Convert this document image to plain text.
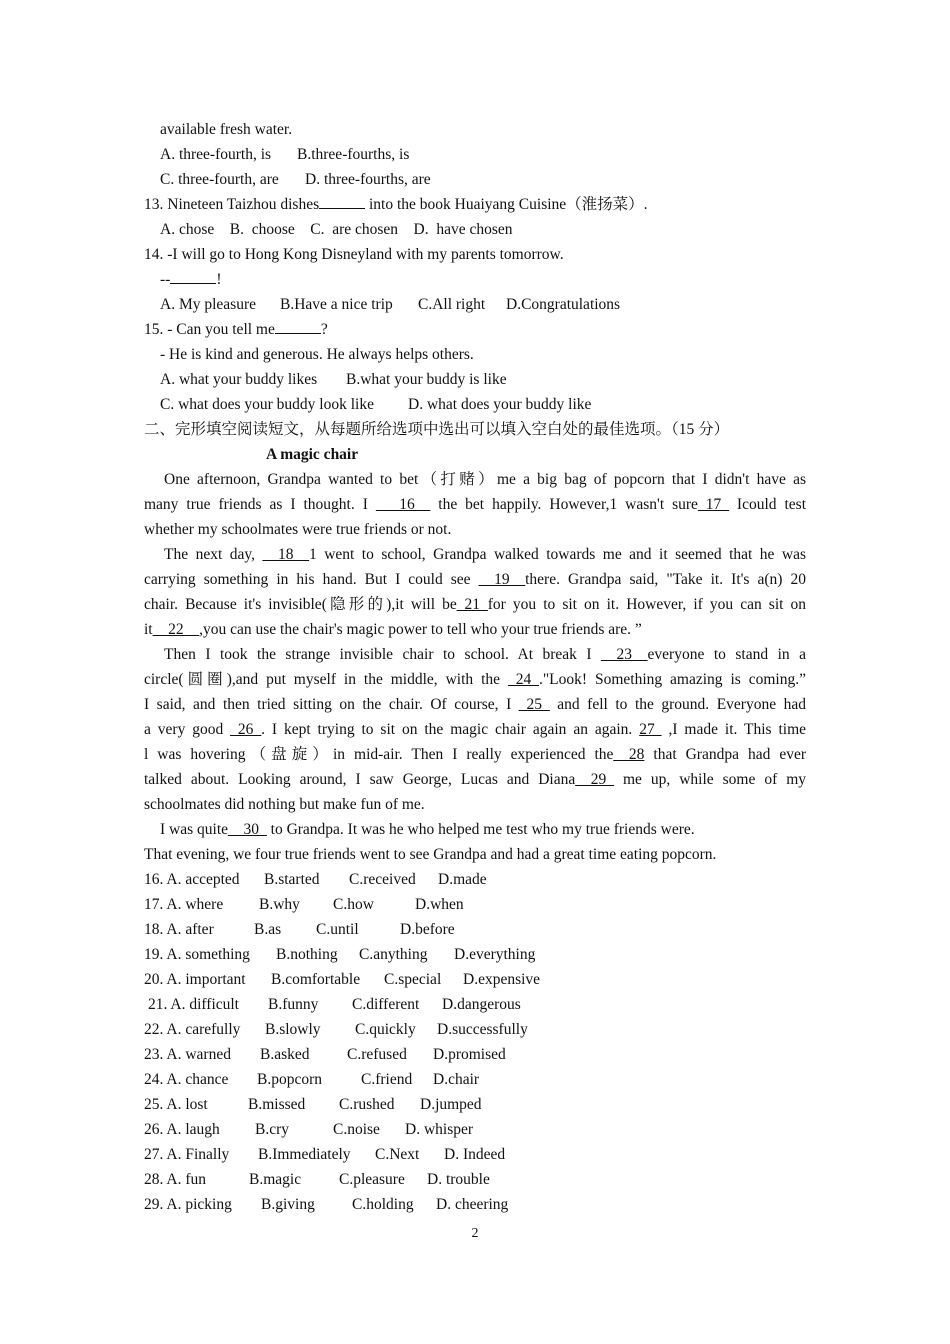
available fresh water.
A. three-fourth, is B.three-fourths, is
C. three-fourth, are D. three-fourths, are
13. Nineteen Taizhou dishes	into the book Huaiyang Cuisine（淮扬菜）.
A. chose    B.  choose    C.  are chosen    D.  have chosen
14. -I will go to Hong Kong Disneyland with my parents tomorrow.
--	!
A. My pleasure B.Have a nice trip C.All right D.Congratulations
15. - Can you tell me	?
- He is kind and generous. He always helps others.
A. what your buddy likes B.what your buddy is like
C. what does your buddy look like D. what does your buddy like
二、完形填空阅读短文，从每题所给选项中选出可以填入空白处的最佳选项。（15 分）
A magic chair
One afternoon, Grandpa wanted to bet（打赌）me a big bag of popcorn that I didn't have as
many true friends as I thought. I  __16__ the bet happily. However,1 wasn't sure_17_ Icould test
whether my schoolmates were true friends or not.
The next day, __18__1 went to school, Grandpa walked towards me and it seemed that he was
carrying something in his hand. But I could see __19__there. Grandpa said, "Take it. It's a(n) 20
chair. Because it's invisible(隐形的),it will be_21_for you to sit on it. However, if you can sit on
it__22__,you can use the chair's magic power to tell who your true friends are. ”
Then I took the strange invisible chair to school. At break I __23__everyone to stand in a
circle(圆圈),and put myself in the middle, with the _24_."Look! Something amazing is coming.”
I said, and then tried sitting on the chair. Of course, I _25_ and fell to the ground. Everyone had
a very good _26_. I kept trying to sit on the magic chair again an again. 27  ,I made it. This time
l was hovering（盘旋）in mid-air. Then I really experienced the__28 that Grandpa had ever
talked about. Looking around, I saw George, Lucas and Diana__29_ me up, while some of my
schoolmates did nothing but make fun of me.
I was quite__30_ to Grandpa. It was he who helped me test who my true friends were.
That evening, we four true friends went to see Grandpa and had a great time eating popcorn.
16. A. accepted B.started C.received D.made
17. A. where B.why C.how	D.when
18. A. after	B.as C.until	D.before
19. A. something B.nothing C.anything D.everything
20. A. important B.comfortable C.special D.expensive
21. A. difficult B.funny C.different D.dangerous
22. A. carefully B.slowly C.quickly D.successfully
23. A. warned B.asked C.refused D.promised
24. A. chance B.popcorn	C.friend D.chair
25. A. lost	B.missed C.rushed D.jumped
26. A. laugh B.cry	C.noise D. whisper
27. A. Finally B.Immediately C.Next D. Indeed
28. A. fun	B.magic C.pleasure D. trouble
29. A. picking B.giving C.holding D. cheering
2
